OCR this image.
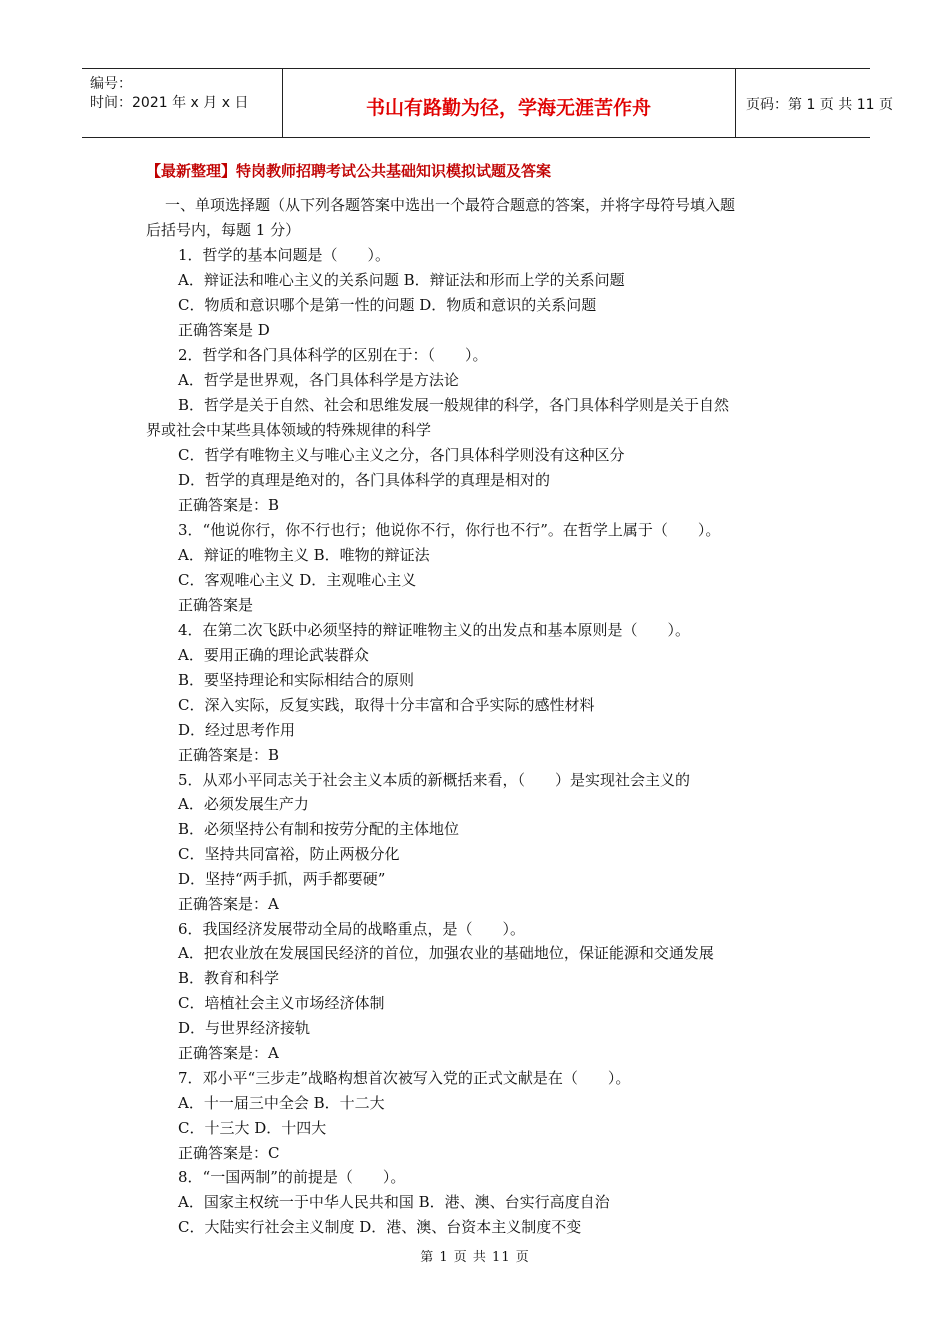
编号：
时间：2021 年 x 月 x 日	书山有路勤为径，学海无涯苦作舟	页码：第 1 页 共 11 页
【最新整理】特岗教师招聘考试公共基础知识模拟试题及答案
一、单项选择题（从下列各题答案中选出一个最符合题意的答案，并将字母符号填入题
后括号内，每题 1 分）
1．哲学的基本问题是（　　）。
A．辩证法和唯心主义的关系问题 B．辩证法和形而上学的关系问题
C．物质和意识哪个是第一性的问题 D．物质和意识的关系问题
正确答案是 D
2．哲学和各门具体科学的区别在于：（　　）。
A．哲学是世界观，各门具体科学是方法论
B．哲学是关于自然、社会和思维发展一般规律的科学，各门具体科学则是关于自然
界或社会中某些具体领域的特殊规律的科学
C．哲学有唯物主义与唯心主义之分，各门具体科学则没有这种区分
D．哲学的真理是绝对的，各门具体科学的真理是相对的
正确答案是：B
3．“他说你行，你不行也行；他说你不行，你行也不行”。在哲学上属于（　　）。
A．辩证的唯物主义 B．唯物的辩证法
C．客观唯心主义 D．主观唯心主义
正确答案是
4．在第二次飞跃中必须坚持的辩证唯物主义的出发点和基本原则是（　　）。
A．要用正确的理论武装群众
B．要坚持理论和实际相结合的原则
C．深入实际，反复实践，取得十分丰富和合乎实际的感性材料
D．经过思考作用
正确答案是：B
5．从邓小平同志关于社会主义本质的新概括来看，（　　）是实现社会主义的
A．必须发展生产力
B．必须坚持公有制和按劳分配的主体地位
C．坚持共同富裕，防止两极分化
D．坚持“两手抓，两手都要硬”
正确答案是：A
6．我国经济发展带动全局的战略重点，是（　　）。
A．把农业放在发展国民经济的首位，加强农业的基础地位，保证能源和交通发展
B．教育和科学
C．培植社会主义市场经济体制
D．与世界经济接轨
正确答案是：A
7．邓小平“三步走”战略构想首次被写入党的正式文献是在（　　）。
A．十一届三中全会 B．十二大
C．十三大 D．十四大
正确答案是：C
8．“一国两制”的前提是（　　）。
A．国家主权统一于中华人民共和国 B．港、澳、台实行高度自治
C．大陆实行社会主义制度 D．港、澳、台资本主义制度不变
第 1 页 共 11 页
